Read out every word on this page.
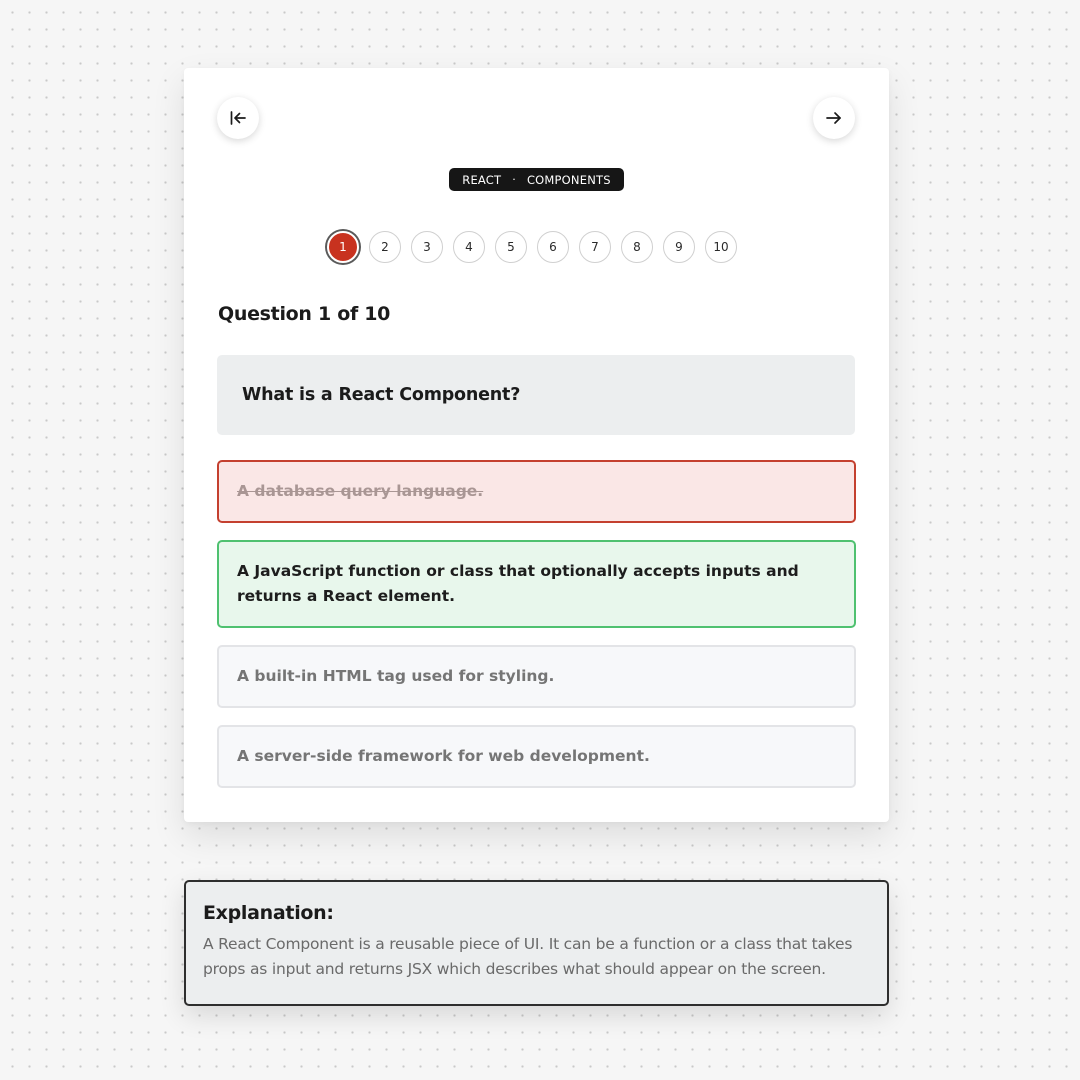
REACT · COMPONENTS
1	2	3	4	5	6	7	8	9	10
Question 1 of 10
What is a React Component?
A database query language.
A JavaScript function or class that optionally accepts inputs and returns a React element.
A built-in HTML tag used for styling.
A server-side framework for web development.
Explanation:
A React Component is a reusable piece of UI. It can be a function or a class that takes props as input and returns JSX which describes what should appear on the screen.
